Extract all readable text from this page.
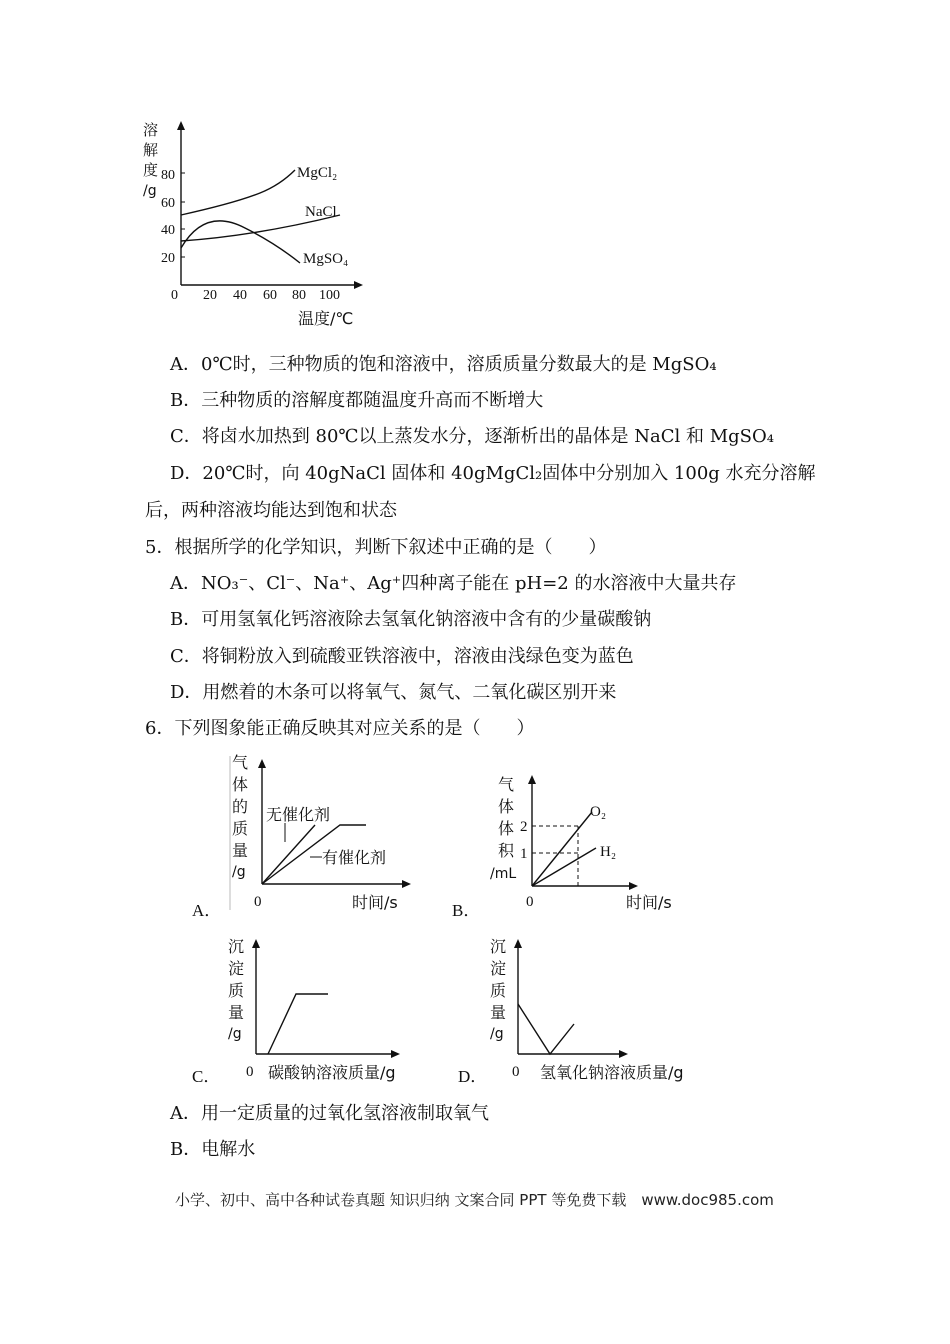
溶
解
度
/g
80
60
40
20
0 20 40 60 80 100
温度/℃
MgCl₂
NaCl
MgSO₄
A．0℃时，三种物质的饱和溶液中，溶质质量分数最大的是 MgSO₄
B．三种物质的溶解度都随温度升高而不断增大
C．将卤水加热到 80℃以上蒸发水分，逐渐析出的晶体是 NaCl 和 MgSO₄
D．20℃时，向 40gNaCl 固体和 40gMgCl₂固体中分别加入 100g 水充分溶解
后，两种溶液均能达到饱和状态
5．根据所学的化学知识，判断下叙述中正确的是（　　）
A．NO₃⁻、Cl⁻、Na⁺、Ag⁺四种离子能在 pH=2 的水溶液中大量共存
B．可用氢氧化钙溶液除去氢氧化钠溶液中含有的少量碳酸钠
C．将铜粉放入到硫酸亚铁溶液中，溶液由浅绿色变为蓝色
D．用燃着的木条可以将氧气、氮气、二氧化碳区别开来
6．下列图象能正确反映其对应关系的是（　　）
气
体
的
质
量
/g
无催化剂
有催化剂
0	时间/s
A．
气
体
体
积
/mL
2
1
O₂
H₂
0	时间/s
B．
沉
淀
质
量
/g
0 碳酸钠溶液质量/g
C．
沉
淀
质
量
/g
0 氢氧化钠溶液质量/g
D．
A．用一定质量的过氧化氢溶液制取氧气
B．电解水
小学、初中、高中各种试卷真题 知识归纳 文案合同 PPT 等免费下载　www.doc985.com
